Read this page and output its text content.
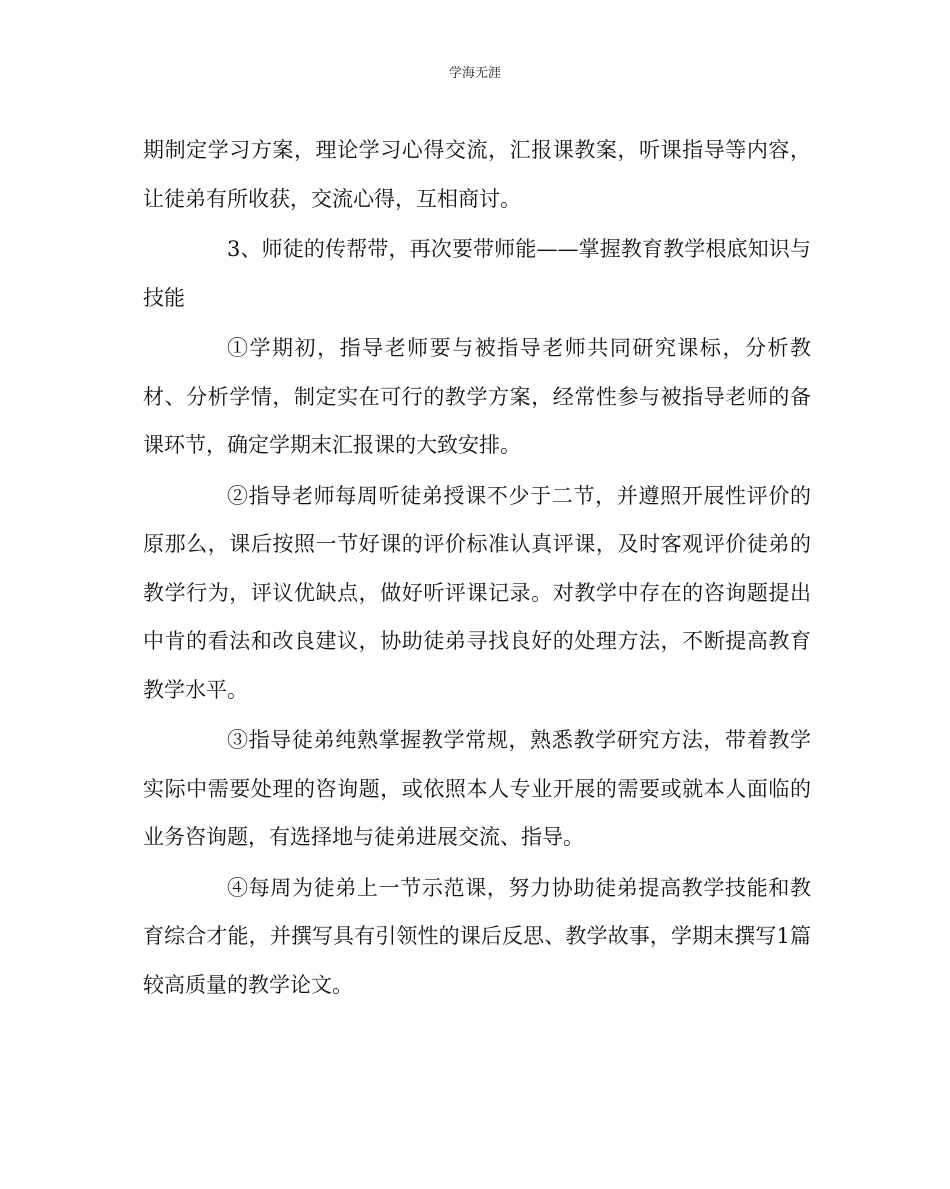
学海无涯

期制定学习方案，理论学习心得交流，汇报课教案，听课指导等内容，让徒弟有所收获，交流心得，互相商讨。

3、师徒的传帮带，再次要带师能——掌握教育教学根底知识与技能

①学期初，指导老师要与被指导老师共同研究课标，分析教材、分析学情，制定实在可行的教学方案，经常性参与被指导老师的备课环节，确定学期末汇报课的大致安排。

②指导老师每周听徒弟授课不少于二节，并遵照开展性评价的原那么，课后按照一节好课的评价标准认真评课，及时客观评价徒弟的教学行为，评议优缺点，做好听评课记录。对教学中存在的咨询题提出中肯的看法和改良建议，协助徒弟寻找良好的处理方法，不断提高教育教学水平。

③指导徒弟纯熟掌握教学常规，熟悉教学研究方法，带着教学实际中需要处理的咨询题，或依照本人专业开展的需要或就本人面临的业务咨询题，有选择地与徒弟进展交流、指导。

④每周为徒弟上一节示范课，努力协助徒弟提高教学技能和教育综合才能，并撰写具有引领性的课后反思、教学故事，学期末撰写1篇较高质量的教学论文。
